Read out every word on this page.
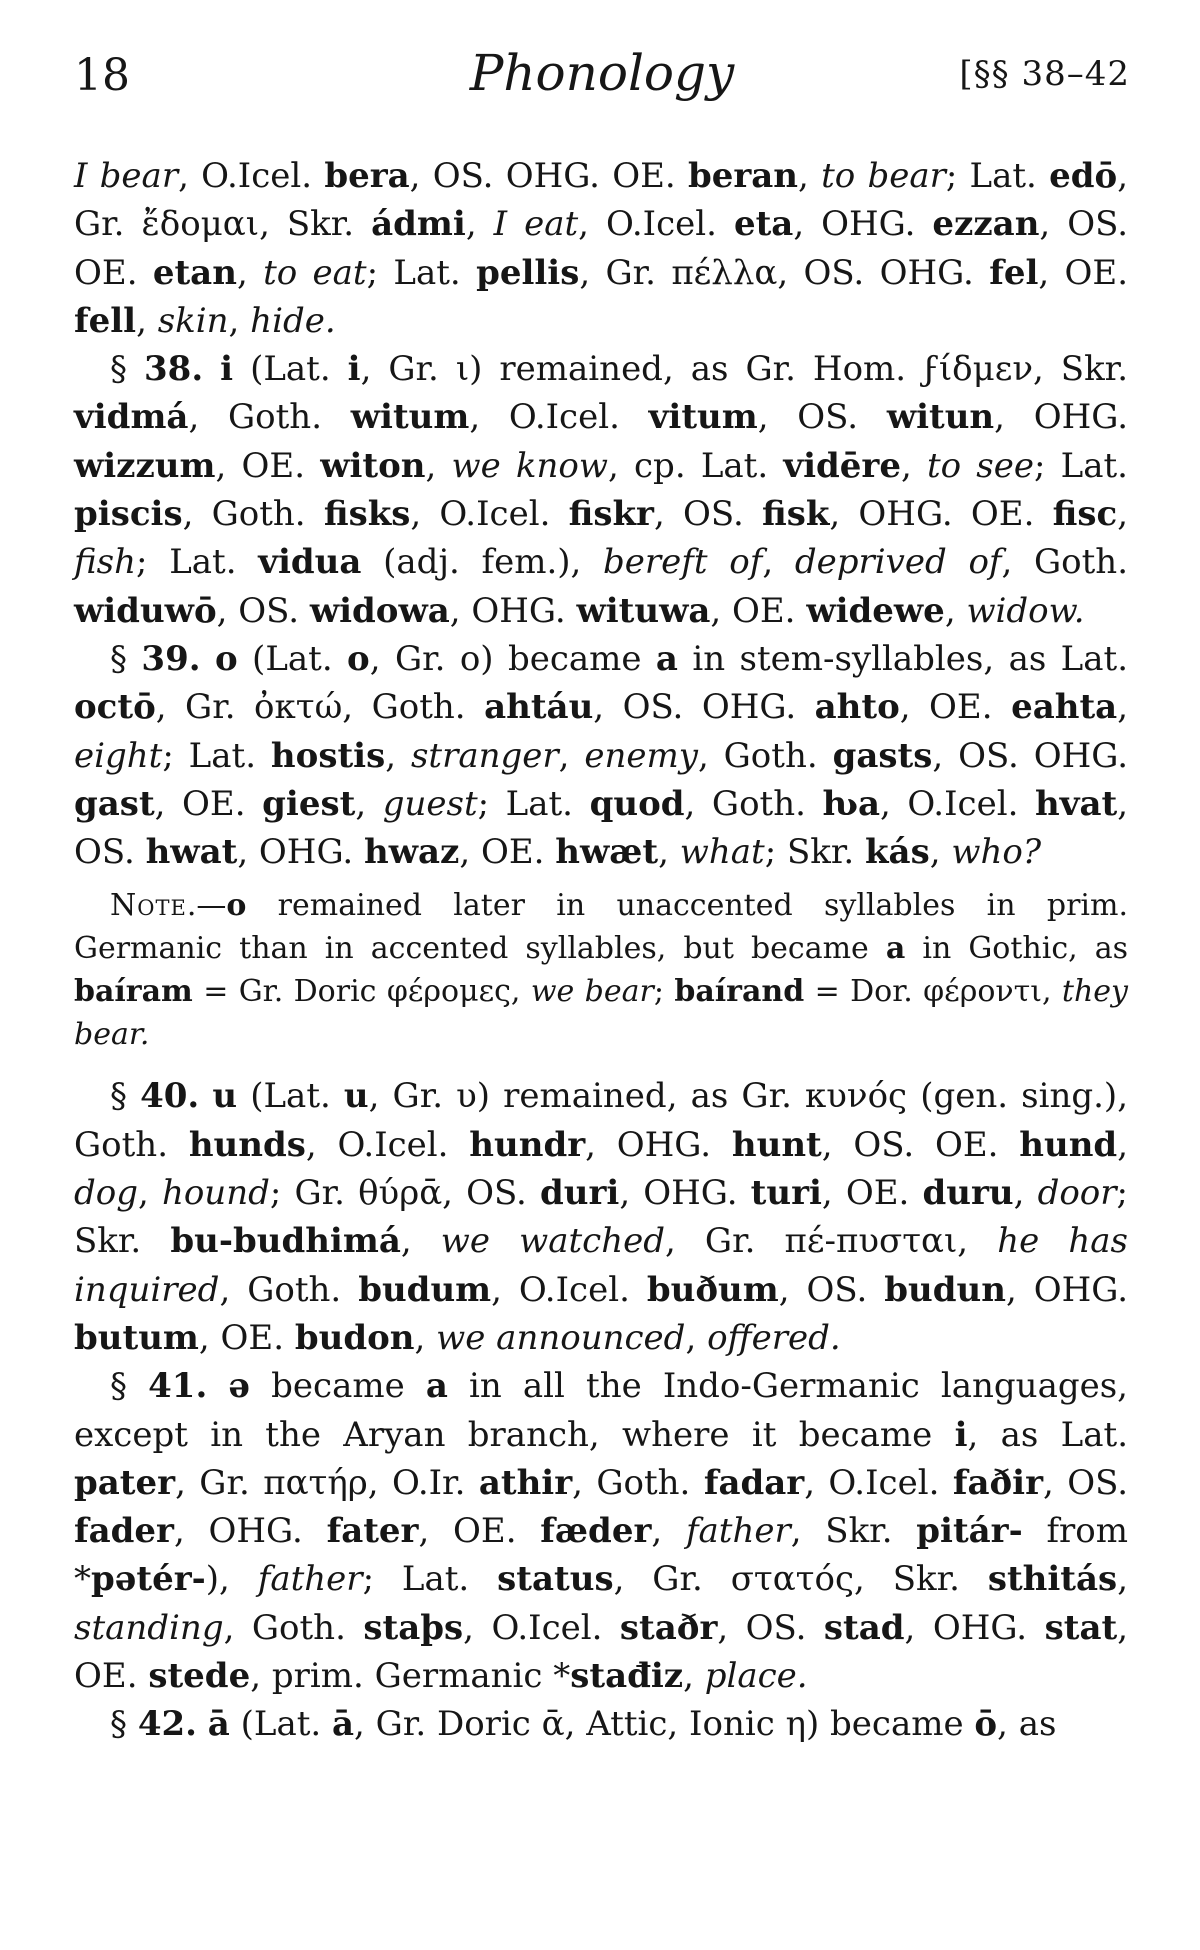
18	Phonology	[§§ 38–42

I bear, O.Icel. bera, OS. OHG. OE. beran, to bear; Lat. edō, Gr. ἔδομαι, Skr. ádmi, I eat, O.Icel. eta, OHG. ezzan, OS. OE. etan, to eat; Lat. pellis, Gr. πέλλα, OS. OHG. fel, OE. fell, skin, hide.

§ 38. i (Lat. i, Gr. ι) remained, as Gr. Hom. ϝίδμεν, Skr. vidmá, Goth. witum, O.Icel. vitum, OS. witun, OHG. wizzum, OE. witon, we know, cp. Lat. vidēre, to see; Lat. piscis, Goth. fisks, O.Icel. fiskr, OS. fisk, OHG. OE. fisc, fish; Lat. vidua (adj. fem.), bereft of, deprived of, Goth. widuwō, OS. widowa, OHG. wituwa, OE. widewe, widow.

§ 39. o (Lat. o, Gr. ο) became a in stem-syllables, as Lat. octō, Gr. ὀκτώ, Goth. ahtáu, OS. OHG. ahto, OE. eahta, eight; Lat. hostis, stranger, enemy, Goth. gasts, OS. OHG. gast, OE. giest, guest; Lat. quod, Goth. ƕa, O.Icel. hvat, OS. hwat, OHG. hwaz, OE. hwæt, what; Skr. kás, who?

Note.—o remained later in unaccented syllables in prim. Germanic than in accented syllables, but became a in Gothic, as baíram = Gr. Doric φέρομες, we bear; baírand = Dor. φέροντι, they bear.

§ 40. u (Lat. u, Gr. υ) remained, as Gr. κυνός (gen. sing.), Goth. hunds, O.Icel. hundr, OHG. hunt, OS. OE. hund, dog, hound; Gr. θύρᾱ, OS. duri, OHG. turi, OE. duru, door; Skr. bu-budhimá, we watched, Gr. πέ-πυσται, he has inquired, Goth. budum, O.Icel. buðum, OS. budun, OHG. butum, OE. budon, we announced, offered.

§ 41. ə became a in all the Indo-Germanic languages, except in the Aryan branch, where it became i, as Lat. pater, Gr. πατήρ, O.Ir. athir, Goth. fadar, O.Icel. faðir, OS. fader, OHG. fater, OE. fæder, father, Skr. pitár- from *pətér-), father; Lat. status, Gr. στατός, Skr. sthitás, standing, Goth. staþs, O.Icel. staðr, OS. stad, OHG. stat, OE. stede, prim. Germanic *stađiz, place.

§ 42. ā (Lat. ā, Gr. Doric ᾱ, Attic, Ionic η) became ō, as
